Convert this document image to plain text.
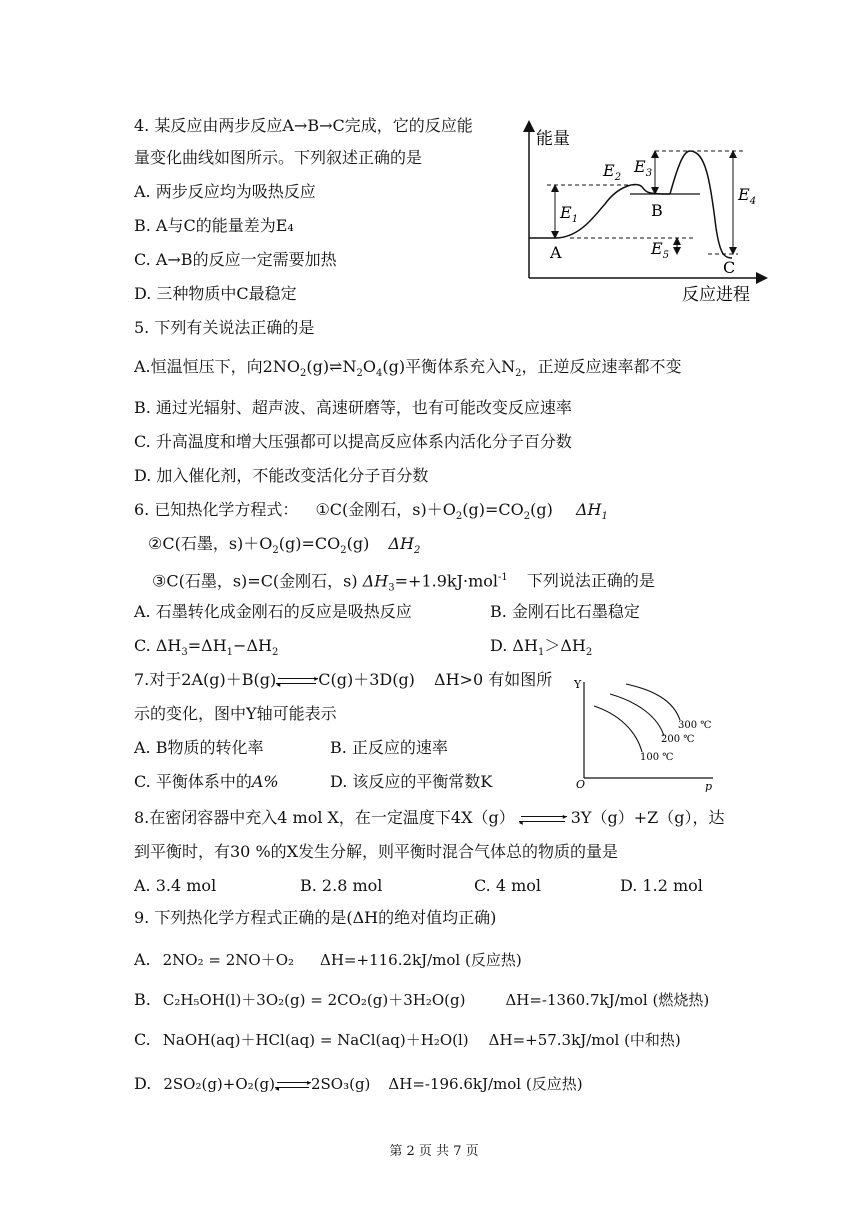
4. 某反应由两步反应A→B→C完成，它的反应能
量变化曲线如图所示。下列叙述正确的是
A. 两步反应均为吸热反应
B. A与C的能量差为E₄
C. A→B的反应一定需要加热
D. 三种物质中C最稳定
能量
反应进程
$E_1$
$E_2$
$E_3$
$E_4$
$E_5$
A
B
C
5. 下列有关说法正确的是
A.恒温恒压下，向$2NO_2(g)\rightleftharpoons N_2O_4(g)$平衡体系充入$N_2$，正逆反应速率都不变
B. 通过光辐射、超声波、高速研磨等，也有可能改变反应速率
C. 升高温度和增大压强都可以提高反应体系内活化分子百分数
D. 加入催化剂，不能改变活化分子百分数
6. 已知热化学方程式： ①C(金刚石，$s)+O_2(g)=CO_2(g)$ $\Delta H_1$
②C(石墨，$s)+O_2(g)=CO_2(g)$ $\Delta H_2$
③C(石墨，s)=C(金刚石，s) $\Delta H_3=+1.9kJ\cdot mol^{-1}$ 下列说法正确的是
A. 石墨转化成金刚石的反应是吸热反应	B. 金刚石比石墨稳定
C. $\Delta H_3=\Delta H_1-\Delta H_2$	D. $\Delta H_1>\Delta H_2$
7.对于2A(g)＋B(g)	▸
◂ C(g)＋3D(g) ΔH>0 有如图所
示的变化，图中Y轴可能表示
A. B物质的转化率	B. 正反应的速率
C. 平衡体系中的A%	D. 该反应的平衡常数K
Y
O	p
300 ℃
200 ℃
100 ℃
8.在密闭容器中充入4 mol X，在一定温度下4X（g）	▸
◂	3Y（g）+Z（g），达
到平衡时，有30 %的X发生分解，则平衡时混合气体总的物质的量是
A. 3.4 mol	B. 2.8 mol	C. 4 mol	D. 1.2 mol
9. 下列热化学方程式正确的是(ΔH的绝对值均正确)
A. 2NO₂ = 2NO＋O₂ ΔH=+116.2kJ/mol (反应热)
B. C₂H₅OH(l)＋3O₂(g) = 2CO₂(g)＋3H₂O(g)	ΔH=-1360.7kJ/mol (燃烧热)
C. NaOH(aq)＋HCl(aq) = NaCl(aq)＋H₂O(l) ΔH=+57.3kJ/mol (中和热)
D. 2SO₂(g)+O₂(g)	▸
◂ 2SO₃(g) ΔH=-196.6kJ/mol (反应热)
第 2 页 共 7 页
